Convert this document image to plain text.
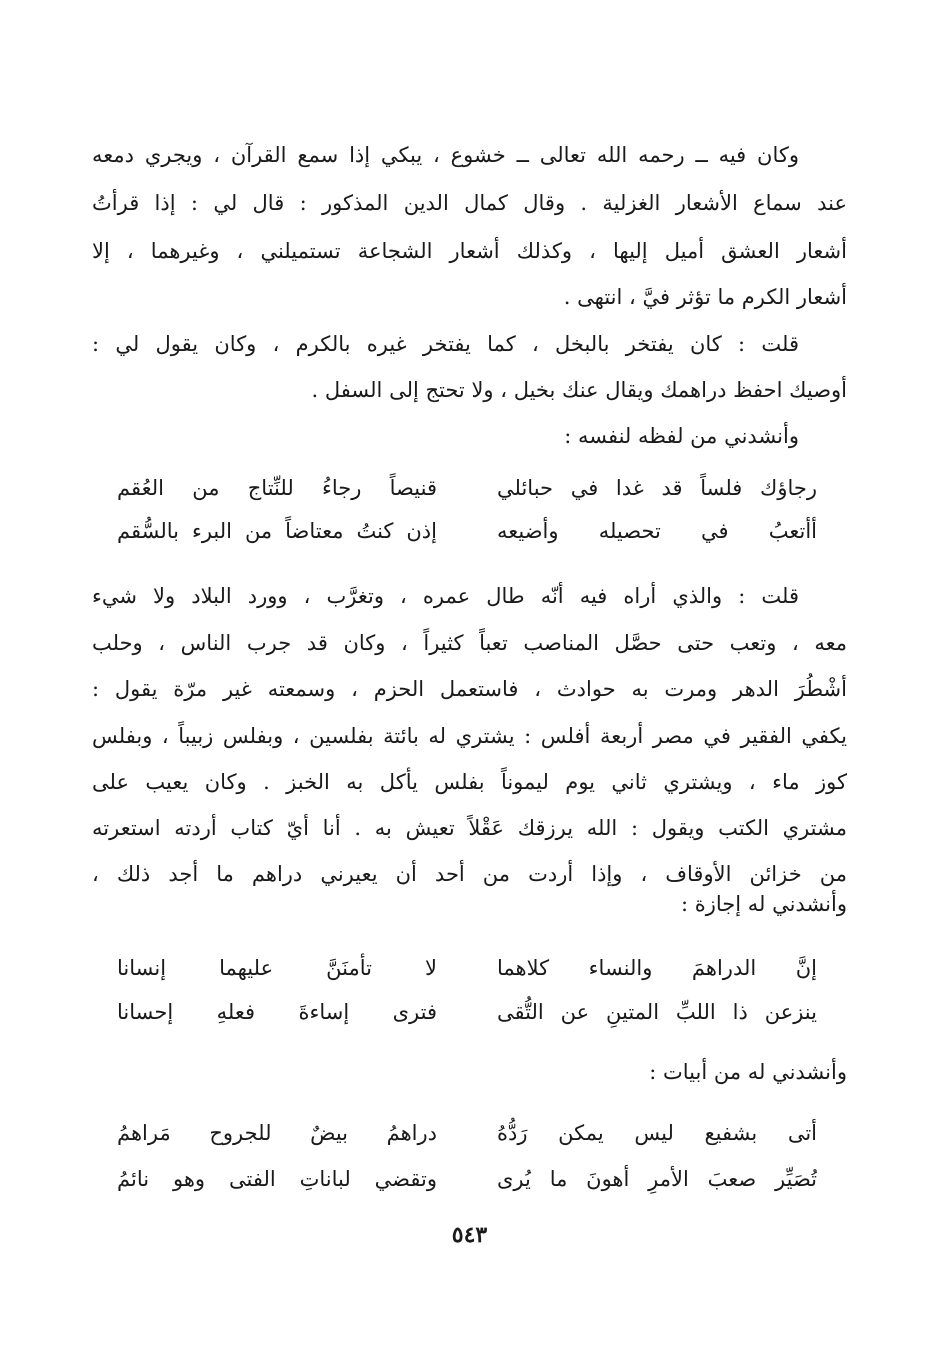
وكان فيه ــ رحمه الله تعالى ــ خشوع ، يبكي إذا سمع القرآن ، ويجري دمعه
عند سماع الأشعار الغزلية . وقال كمال الدين المذكور : قال لي : إذا قرأتُ
أشعار العشق أميل إليها ، وكذلك أشعار الشجاعة تستميلني ، وغيرهما ، إلا
أشعار الكرم ما تؤثر فيَّ ، انتهى .
قلت : كان يفتخر بالبخل ، كما يفتخر غيره بالكرم ، وكان يقول لي :
أوصيك احفظ دراهمك ويقال عنك بخيل ، ولا تحتج إلى السفل .
وأنشدني من لفظه لنفسه :
رجاؤك فلساً قد غدا في حبائلي
قنيصاً رجاءُ للنِّتاج من العُقم
أأتعبُ في تحصيله وأضيعه
إذن كنتُ معتاضاً من البرء بالسُّقم
قلت : والذي أراه فيه أنّه طال عمره ، وتغرَّب ، وورد البلاد ولا شيء
معه ، وتعب حتى حصَّل المناصب تعباً كثيراً ، وكان قد جرب الناس ، وحلب
أشْطُرَ الدهر ومرت به حوادث ، فاستعمل الحزم ، وسمعته غير مرّة يقول :
يكفي الفقير في مصر أربعة أفلس : يشتري له بائتة بفلسين ، وبفلس زبيباً ، وبفلس
كوز ماء ، ويشتري ثاني يوم ليموناً بفلس يأكل به الخبز . وكان يعيب على
مشتري الكتب ويقول : الله يرزقك عَقْلاً تعيش به . أنا أيّ كتاب أردته استعرته
من خزائن الأوقاف ، وإذا أردت من أحد أن يعيرني دراهم ما أجد ذلك ،
وأنشدني له إجازة :
إنَّ الدراهمَ والنساء كلاهما
لا تأمنَنَّ عليهما إنسانا
ينزعن ذا اللبِّ المتينِ عن التُّقى
فترى إساءةَ فعلهِ إحسانا
وأنشدني له من أبيات :
أتى بشفيع ليس يمكن رَدُّهُ
دراهمُ بيضٌ للجروح مَراهمُ
تُصَيِّر صعبَ الأمرِ أهونَ ما يُرى
وتقضي لباناتِ الفتى وهو نائمُ
٥٤٣
